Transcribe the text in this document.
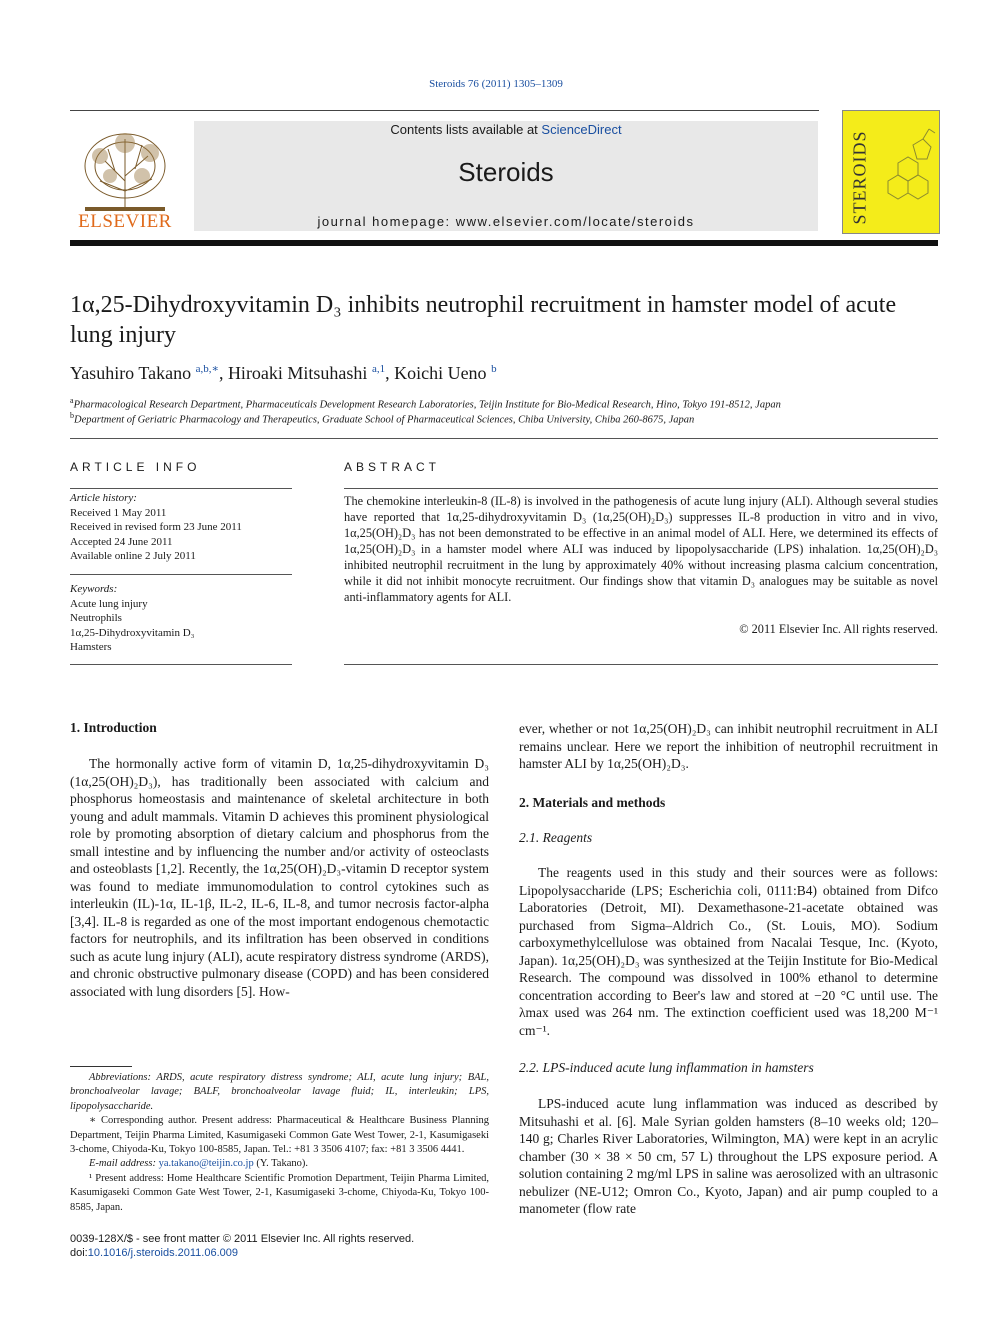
Steroids 76 (2011) 1305–1309
ELSEVIER
Contents lists available at ScienceDirect
Steroids
journal homepage: www.elsevier.com/locate/steroids	STEROIDS
1α,25-Dihydroxyvitamin D₃ inhibits neutrophil recruitment in hamster model of acute lung injury
Yasuhiro Takano $^{a,b,∗}$, Hiroaki Mitsuhashi $^{a,1}$, Koichi Ueno $^b$
$^a$Pharmacological Research Department, Pharmaceuticals Development Research Laboratories, Teijin Institute for Bio-Medical Research, Hino, Tokyo 191-8512, Japan
$^b$Department of Geriatric Pharmacology and Therapeutics, Graduate School of Pharmaceutical Sciences, Chiba University, Chiba 260-8675, Japan
ARTICLE INFO
Article history:
Received 1 May 2011
Received in revised form 23 June 2011
Accepted 24 June 2011
Available online 2 July 2011
Keywords:
Acute lung injury
Neutrophils
1α,25-Dihydroxyvitamin D₃
Hamsters
ABSTRACT
The chemokine interleukin-8 (IL-8) is involved in the pathogenesis of acute lung injury (ALI). Although several studies have reported that 1α,25-dihydroxyvitamin D₃ (1α,25(OH)₂D₃) suppresses IL-8 production in vitro and in vivo, 1α,25(OH)₂D₃ has not been demonstrated to be effective in an animal model of ALI. Here, we determined its effects of 1α,25(OH)₂D₃ in a hamster model where ALI was induced by lipopolysaccharide (LPS) inhalation. 1α,25(OH)₂D₃ inhibited neutrophil recruitment in the lung by approximately 40% without increasing plasma calcium concentration, while it did not inhibit monocyte recruitment. Our findings show that vitamin D₃ analogues may be suitable as novel anti-inflammatory agents for ALI.
© 2011 Elsevier Inc. All rights reserved.
1. Introduction

The hormonally active form of vitamin D, 1α,25-dihydroxyvitamin D₃ (1α,25(OH)₂D₃), has traditionally been associated with calcium and phosphorus homeostasis and maintenance of skeletal architecture in both young and adult mammals. Vitamin D achieves this prominent physiological role by promoting absorption of dietary calcium and phosphorus from the small intestine and by influencing the number and/or activity of osteoclasts and osteoblasts [1,2]. Recently, the 1α,25(OH)₂D₃-vitamin D receptor system was found to mediate immunomodulation to control cytokines such as interleukin (IL)-1α, IL-1β, IL-2, IL-6, IL-8, and tumor necrosis factor-alpha [3,4]. IL-8 is regarded as one of the most important endogenous chemotactic factors for neutrophils, and its infiltration has been observed in conditions such as acute lung injury (ALI), acute respiratory distress syndrome (ARDS), and chronic obstructive pulmonary disease (COPD) and has been considered associated with lung disorders [5]. How-

Abbreviations: ARDS, acute respiratory distress syndrome; ALI, acute lung injury; BAL, bronchoalveolar lavage; BALF, bronchoalveolar lavage fluid; IL, interleukin; LPS, lipopolysaccharide.

∗ Corresponding author. Present address: Pharmaceutical & Healthcare Business Planning Department, Teijin Pharma Limited, Kasumigaseki Common Gate West Tower, 2-1, Kasumigaseki 3-chome, Chiyoda-Ku, Tokyo 100-8585, Japan. Tel.: +81 3 3506 4107; fax: +81 3 3506 4441.

E-mail address: ya.takano@teijin.co.jp (Y. Takano).

¹ Present address: Home Healthcare Scientific Promotion Department, Teijin Pharma Limited, Kasumigaseki Common Gate West Tower, 2-1, Kasumigaseki 3-chome, Chiyoda-Ku, Tokyo 100-8585, Japan.

0039-128X/$ - see front matter © 2011 Elsevier Inc. All rights reserved.
doi:10.1016/j.steroids.2011.06.009
ever, whether or not 1α,25(OH)₂D₃ can inhibit neutrophil recruitment in ALI remains unclear. Here we report the inhibition of neutrophil recruitment in hamster ALI by 1α,25(OH)₂D₃.
2. Materials and methods
2.1. Reagents

The reagents used in this study and their sources were as follows: Lipopolysaccharide (LPS; Escherichia coli, 0111:B4) obtained from Difco Laboratories (Detroit, MI). Dexamethasone-21-acetate obtained was purchased from Sigma–Aldrich Co., (St. Louis, MO). Sodium carboxymethylcellulose was obtained from Nacalai Tesque, Inc. (Kyoto, Japan). 1α,25(OH)₂D₃ was synthesized at the Teijin Institute for Bio-Medical Research. The compound was dissolved in 100% ethanol to determine concentration according to Beer's law and stored at −20 °C until use. The λmax used was 264 nm. The extinction coefficient used was 18,200 M⁻¹ cm⁻¹.

2.2. LPS-induced acute lung inflammation in hamsters

LPS-induced acute lung inflammation was induced as described by Mitsuhashi et al. [6]. Male Syrian golden hamsters (8–10 weeks old; 120–140 g; Charles River Laboratories, Wilmington, MA) were kept in an acrylic chamber (30 × 38 × 50 cm, 57 L) throughout the LPS exposure period. A solution containing 2 mg/ml LPS in saline was aerosolized with an ultrasonic nebulizer (NE-U12; Omron Co., Kyoto, Japan) and air pump coupled to a manometer (flow rate
